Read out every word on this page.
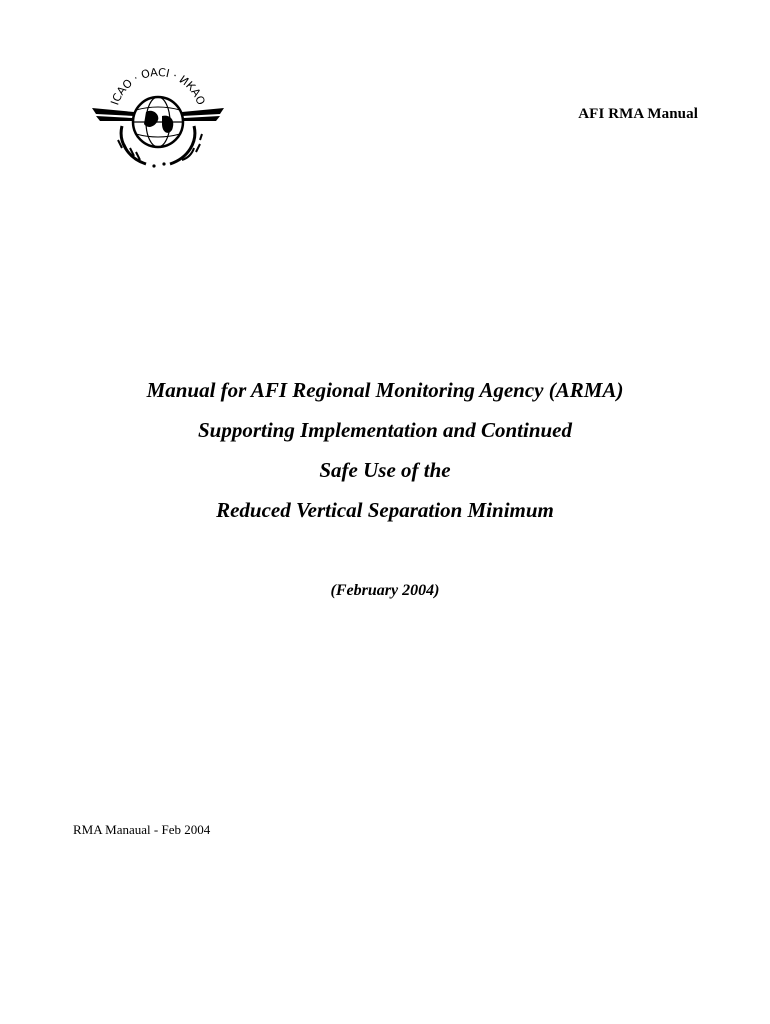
ICAO · OACI · ИКАО
AFI RMA Manual
Manual for AFI Regional Monitoring Agency (ARMA)
Supporting Implementation and Continued
Safe Use of the
Reduced Vertical Separation Minimum
(February 2004)
RMA Manaual - Feb 2004
